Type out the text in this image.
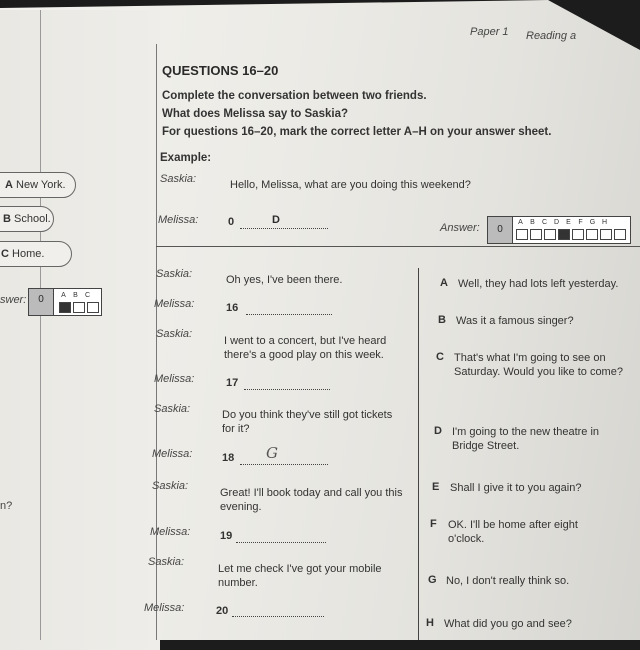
Paper 1 Reading a
QUESTIONS 16–20
Complete the conversation between two friends.
What does Melissa say to Saskia?
For questions 16–20, mark the correct letter A–H on your answer sheet.
Example:
Saskia:	Hello, Melissa, what are you doing this weekend?
Melissa:	0	D
Answer:	0
A	B	C D	E	F	G H
Saskia:	Oh yes, I've been there.
Melissa:	16
Saskia:
I went to a concert, but I've heard there's a good play on this week.
Melissa:	17
Saskia:	Do you think they've still got tickets for it?
Melissa:	18 G
Saskia:
Great! I'll book today and call you this evening.
Melissa:	19
Saskia:
Let me check I've got your mobile number.
Melissa:	20
A Well, they had lots left yesterday.
B Was it a famous singer?
C That's what I'm going to see on Saturday. Would you like to come?
D I'm going to the new theatre in Bridge Street.
E Shall I give it to you again?
F OK. I'll be home after eight o'clock.
G No, I don't really think so.
H What did you go and see?
A New York.
B School.
C Home.
swer:	0	A	B	C
n?
